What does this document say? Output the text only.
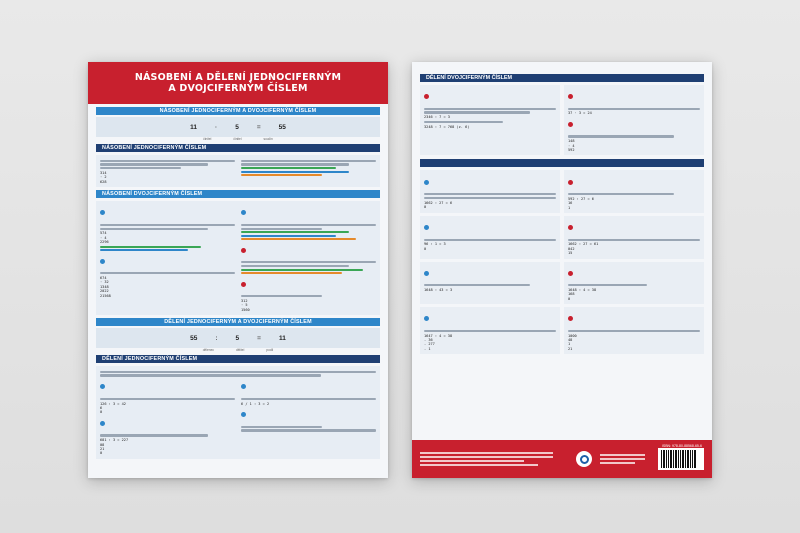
NÁSOBENÍ A DĚLENÍ JEDNOCIFERNÝM
A DVOJCIFERNÝM ČÍSLEM
NÁSOBENÍ JEDNOCIFERNÝM A DVOJCIFERNÝM ČÍSLEM
11	·	5	=	55
činitel	činitel	součin
NÁSOBENÍ JEDNOCIFERNÝM ČÍSLEM
314
· 2
628
NÁSOBENÍ DVOJCIFERNÝM ČÍSLEM
574
· 4
2296
674
· 32
1348
2022
21568
312
· 5
1560
DĚLENÍ JEDNOCIFERNÝM A DVOJCIFERNÝM ČÍSLEM
55	:	5	=	11
dělenec	dělitel	podíl
DĚLENÍ JEDNOCIFERNÝM ČÍSLEM
126 : 3 = 42
6
0
681 : 3 = 227
08
21
0
6 / 1 : 3 = 2
DĚLENÍ DVOJCIFERNÝM ČÍSLEM
2346 : 7 = 3
3248 : 7 = 768 (z. 6)
37 · 3 = 24
148
· 4
592
1662 : 27 = 6
0
592 : 27 = 6
16
1
96 : 1 = 3
0
1662 : 27 = 61
042
15
1648 : 43 = 3	1648 : 4 = 38
168
0
1647 : 4 = 38
- 36
- 277
- 1
1000
48
1
21
ISBN: 978-80-88568-65-6
